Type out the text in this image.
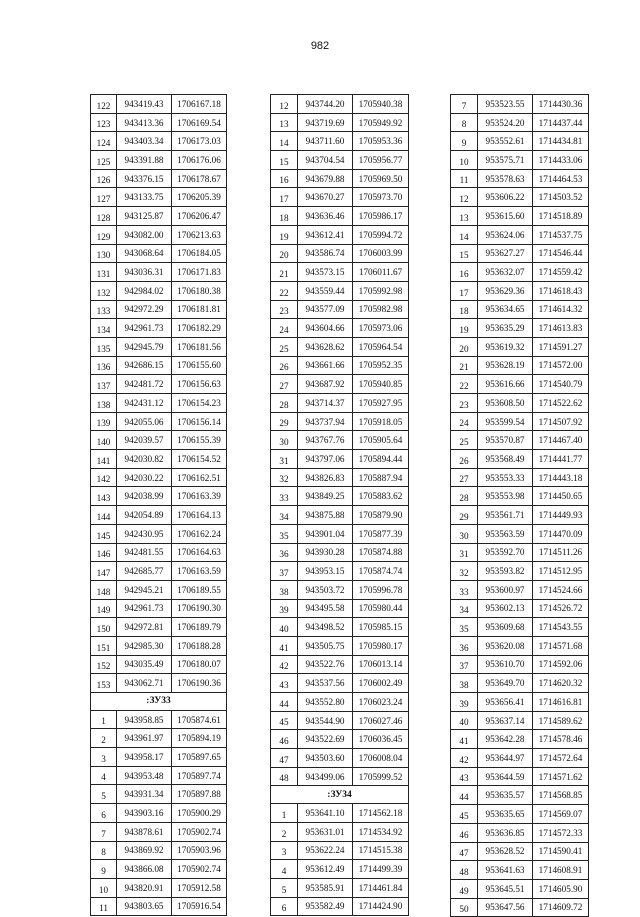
982
122	943419.43	1706167.18
123	943413.36	1706169.54
124	943403.34	1706173.03
125	943391.88	1706176.06
126	943376.15	1706178.67
127	943133.75	1706205.39
128	943125.87	1706206.47
129	943082.00	1706213.63
130	943068.64	1706184.05
131	943036.31	1706171.83
132	942984.02	1706180.38
133	942972.29	1706181.81
134	942961.73	1706182.29
135	942945.79	1706181.56
136	942686.15	1706155.60
137	942481.72	1706156.63
138	942431.12	1706154.23
139	942055.06	1706156.14
140	942039.57	1706155.39
141	942030.82	1706154.52
142	942030.22	1706162.51
143	942038.99	1706163.39
144	942054.89	1706164.13
145	942430.95	1706162.24
146	942481.55	1706164.63
147	942685.77	1706163.59
148	942945.21	1706189.55
149	942961.73	1706190.30
150	942972.81	1706189.79
151	942985.30	1706188.28
152	943035.49	1706180.07
153	943062.71	1706190.36
:ЗУ33		
1	943958.85	1705874.61
2	943961.97	1705894.19
3	943958.17	1705897.65
4	943953.48	1705897.74
5	943931.34	1705897.88
6	943903.16	1705900.29
7	943878.61	1705902.74
8	943869.92	1705903.96
9	943866.08	1705902.74
10	943820.91	1705912.58
11	943803.65	1705916.54
12	943744.20	1705940.38
13	943719.69	1705949.92
14	943711.60	1705953.36
15	943704.54	1705956.77
16	943679.88	1705969.50
17	943670.27	1705973.70
18	943636.46	1705986.17
19	943612.41	1705994.72
20	943586.74	1706003.99
21	943573.15	1706011.67
22	943559.44	1705992.98
23	943577.09	1705982.98
24	943604.66	1705973.06
25	943628.62	1705964.54
26	943661.66	1705952.35
27	943687.92	1705940.85
28	943714.37	1705927.95
29	943737.94	1705918.05
30	943767.76	1705905.64
31	943797.06	1705894.44
32	943826.83	1705887.94
33	943849.25	1705883.62
34	943875.88	1705879.90
35	943901.04	1705877.39
36	943930.28	1705874.88
37	943953.15	1705874.74
38	943503.72	1705996.78
39	943495.58	1705980.44
40	943498.52	1705985.15
41	943505.75	1705980.17
42	943522.76	1706013.14
43	943537.56	1706002.49
44	943552.80	1706023.24
45	943544.90	1706027.46
46	943522.69	1706036.45
47	943503.60	1706008.04
48	943499.06	1705999.52
:ЗУ34		
1	953641.10	1714562.18
2	953631.01	1714534.92
3	953622.24	1714515.38
4	953612.49	1714499.39
5	953585.91	1714461.84
6	953582.49	1714424.90
7	953523.55	1714430.36
8	953524.20	1714437.44
9	953552.61	1714434.81
10	953575.71	1714433.06
11	953578.63	1714464.53
12	953606.22	1714503.52
13	953615.60	1714518.89
14	953624.06	1714537.75
15	953627.27	1714546.44
16	953632.07	1714559.42
17	953629.36	1714618.43
18	953634.65	1714614.32
19	953635.29	1714613.83
20	953619.32	1714591.27
21	953628.19	1714572.00
22	953616.66	1714540.79
23	953608.50	1714522.62
24	953599.54	1714507.92
25	953570.87	1714467.40
26	953568.49	1714441.77
27	953553.33	1714443.18
28	953553.98	1714450.65
29	953561.71	1714449.93
30	953563.59	1714470.09
31	953592.70	1714511.26
32	953593.82	1714512.95
33	953600.97	1714524.66
34	953602.13	1714526.72
35	953609.68	1714543.55
36	953620.08	1714571.68
37	953610.70	1714592.06
38	953649.70	1714620.32
39	953656.41	1714616.81
40	953637.14	1714589.62
41	953642.28	1714578.46
42	953644.97	1714572.64
43	953644.59	1714571.62
44	953635.57	1714568.85
45	953635.65	1714569.07
46	953636.85	1714572.33
47	953628.52	1714590.41
48	953641.63	1714608.91
49	953645.51	1714605.90
50	953647.56	1714609.72
